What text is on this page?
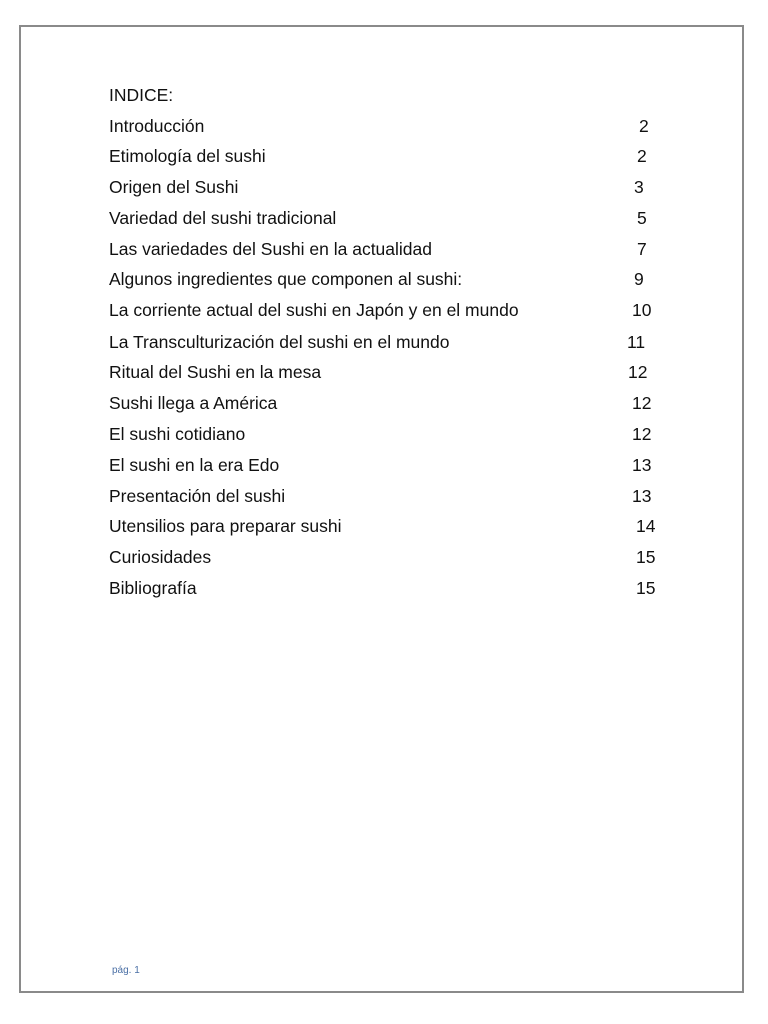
INDICE:
Introducción	2
Etimología del sushi	2
Origen del Sushi	3
Variedad del sushi tradicional	5
Las variedades del Sushi en la actualidad	7
Algunos ingredientes que componen al sushi:	9
La corriente actual del sushi en Japón y en el mundo	10
La Transculturización del sushi en el mundo	11
Ritual del Sushi en la mesa	12
Sushi llega a América	12
El sushi cotidiano	12
El sushi en la era Edo	13
Presentación del sushi	13
Utensilios para preparar sushi	14
Curiosidades	15
Bibliografía	15
pág. 1
